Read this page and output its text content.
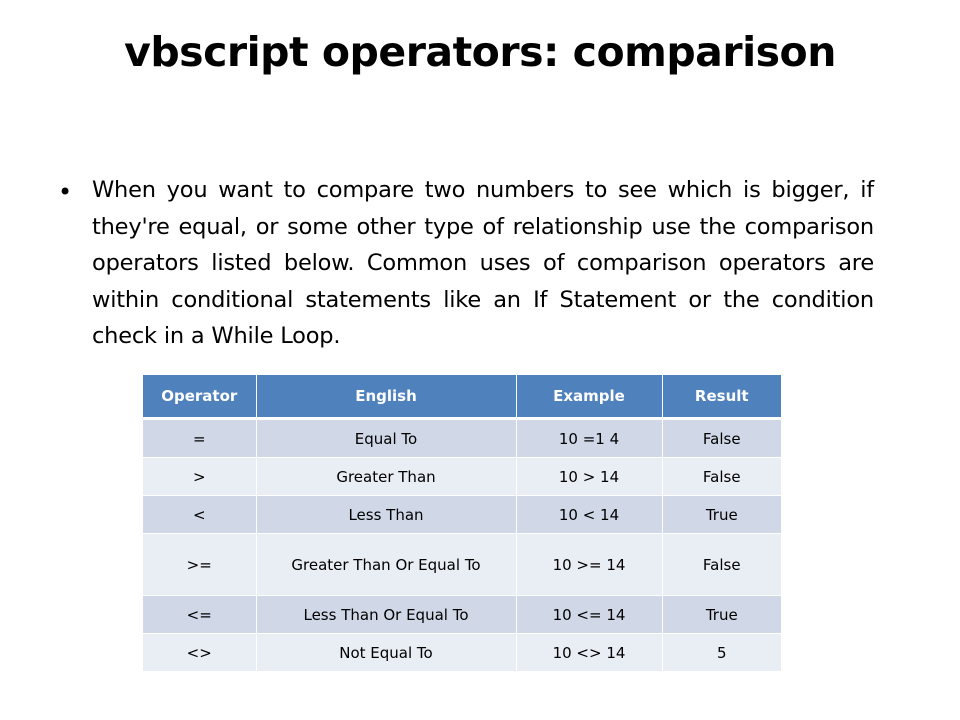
vbscript operators: comparison
• When you want to compare two numbers to see which is bigger, if they're equal, or some other type of relationship use the comparison operators listed below. Common uses of comparison operators are within conditional statements like an If Statement or the condition check in a While Loop.
Operator	English	Example	Result
=	Equal To	10 =1 4	False
>	Greater Than	10 > 14	False
<	Less Than	10 < 14	True
>=	Greater Than Or Equal To	10 >= 14	False
<=	Less Than Or Equal To	10 <= 14	True
<>	Not Equal To	10 <> 14	5
